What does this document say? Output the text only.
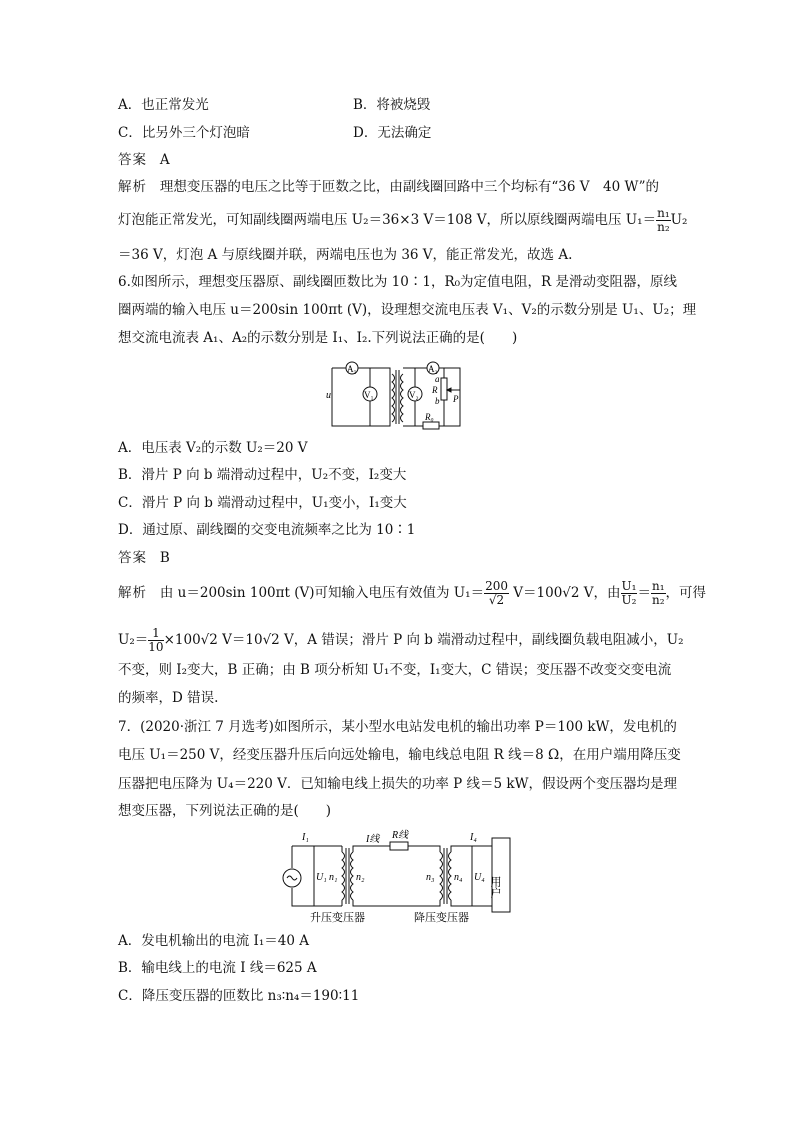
A．也正常发光	B．将被烧毁
C．比另外三个灯泡暗	D．无法确定
答案 A
解析 理想变压器的电压之比等于匝数之比，由副线圈回路中三个均标有“36 V　40 W”的
灯泡能正常发光，可知副线圈两端电压 U₂＝36×3 V＝108 V，所以原线圈两端电压 $U_1= \frac{\text{n₁}}{\text{n₂}} U_2$
＝36 V，灯泡 A 与原线圈并联，两端电压也为 36 V，能正常发光，故选 A.
6.如图所示，理想变压器原、副线圈匝数比为 10∶1，R₀为定值电阻，R 是滑动变阻器，原线
圈两端的输入电压 u＝200sin 100πt (V)，设理想交流电压表 V₁、V₂的示数分别是 U₁、U₂；理
想交流电流表 A₁、A₂的示数分别是 I₁、I₂.下列说法正确的是(　　)
A₁
V₁
A₂
V₂
u
a
R
b P
R₀
A．电压表 V₂的示数 U₂＝20 V
B．滑片 P 向 b 端滑动过程中，U₂不变，I₂变大
C．滑片 P 向 b 端滑动过程中，U₁变小，I₁变大
D．通过原、副线圈的交变电流频率之比为 10∶1
答案 B
解析 由 u＝200sin 100πt (V)可知输入电压有效值为 $U_1= \frac{200}{√2} V=100√2$ V，由 $\frac{\text{U₁}}{\text{U₂}} = \frac{\text{n₁}}{\text{n₂}}$ ，可得
$U_2= \frac{1}{10} \times 100√2$ V＝10√2 V，A 错误；滑片 P 向 b 端滑动过程中，副线圈负载电阻减小，U₂
不变，则 I₂变大，B 正确；由 B 项分析知 U₁不变，I₁变大，C 错误；变压器不改变交变电流
的频率，D 错误.
7．(2020·浙江 7 月选考)如图所示，某小型水电站发电机的输出功率 P＝100 kW，发电机的
电压 U₁＝250 V，经变压器升压后向远处输电，输电线总电阻 R 线＝8 Ω，在用户端用降压变
压器把电压降为 U₄＝220 V．已知输电线上损失的功率 P 线＝5 kW，假设两个变压器均是理
想变压器，下列说法正确的是(　　)
I₁	I线 R线	I₄
U₁ n₁ n₂	n₃ n₄ U₄ 用户
升压变压器	降压变压器
A．发电机输出的电流 I₁＝40 A
B．输电线上的电流 I 线＝625 A
C．降压变压器的匝数比 n₃∶n₄＝190∶11
